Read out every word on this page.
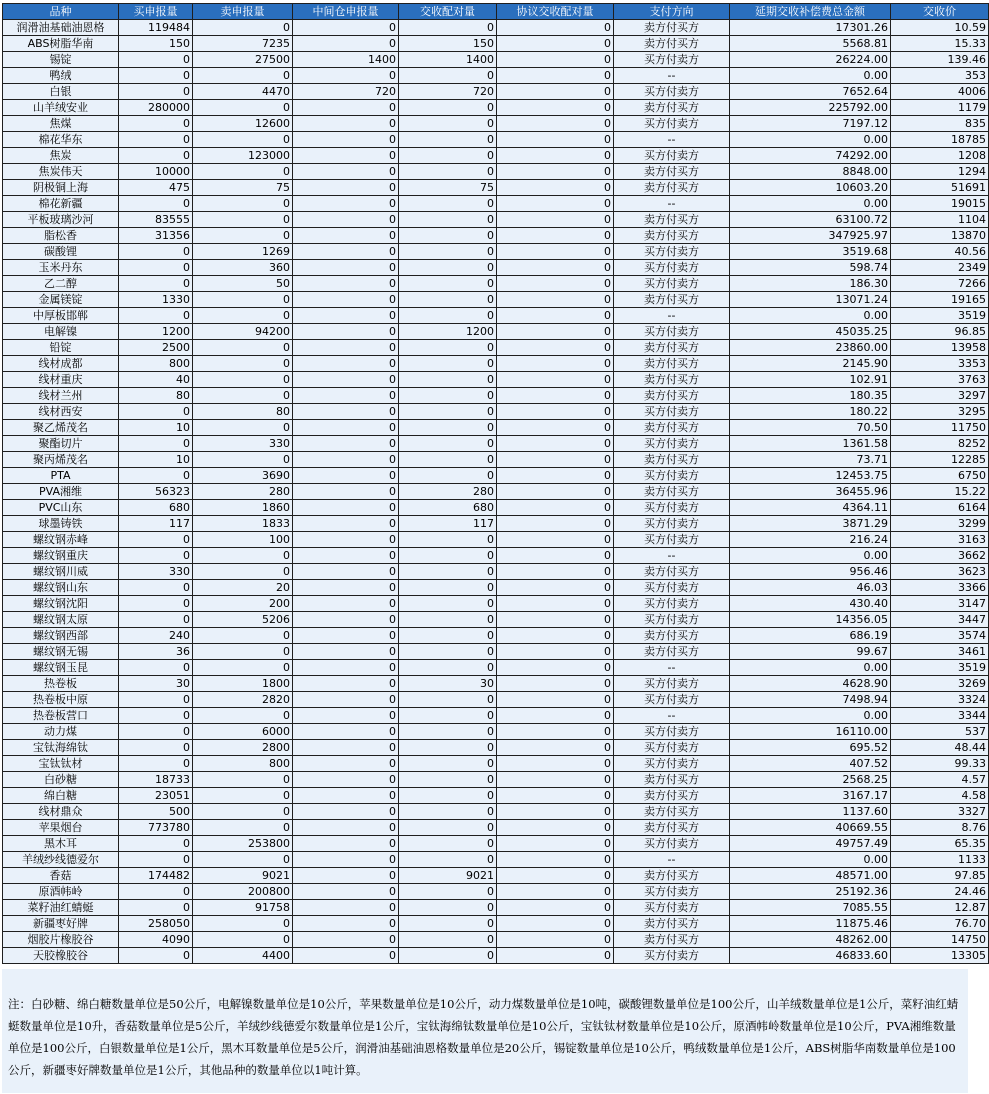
品种	买申报量	卖申报量	中间仓申报量	交收配对量	协议交收配对量	支付方向	延期交收补偿费总金额	交收价
润滑油基础油恩格	119484	0	0	0	0	卖方付买方	17301.26	10.59
ABS树脂华南	150	7235	0	150	0	卖方付买方	5568.81	15.33
锡锭	0	27500	1400	1400	0	买方付卖方	26224.00	139.46
鸭绒	0	0	0	0	0	--	0.00	353
白银	0	4470	720	720	0	买方付卖方	7652.64	4006
山羊绒安业	280000	0	0	0	0	卖方付买方	225792.00	1179
焦煤	0	12600	0	0	0	买方付卖方	7197.12	835
棉花华东	0	0	0	0	0	--	0.00	18785
焦炭	0	123000	0	0	0	买方付卖方	74292.00	1208
焦炭伟天	10000	0	0	0	0	卖方付买方	8848.00	1294
阴极铜上海	475	75	0	75	0	卖方付买方	10603.20	51691
棉花新疆	0	0	0	0	0	--	0.00	19015
平板玻璃沙河	83555	0	0	0	0	卖方付买方	63100.72	1104
脂松香	31356	0	0	0	0	卖方付买方	347925.97	13870
碳酸锂	0	1269	0	0	0	买方付卖方	3519.68	40.56
玉米丹东	0	360	0	0	0	买方付卖方	598.74	2349
乙二醇	0	50	0	0	0	买方付卖方	186.30	7266
金属镁锭	1330	0	0	0	0	卖方付买方	13071.24	19165
中厚板邯郸	0	0	0	0	0	--	0.00	3519
电解镍	1200	94200	0	1200	0	买方付卖方	45035.25	96.85
铅锭	2500	0	0	0	0	卖方付买方	23860.00	13958
线材成都	800	0	0	0	0	卖方付买方	2145.90	3353
线材重庆	40	0	0	0	0	卖方付买方	102.91	3763
线材兰州	80	0	0	0	0	卖方付买方	180.35	3297
线材西安	0	80	0	0	0	买方付卖方	180.22	3295
聚乙烯茂名	10	0	0	0	0	卖方付买方	70.50	11750
聚酯切片	0	330	0	0	0	买方付卖方	1361.58	8252
聚丙烯茂名	10	0	0	0	0	卖方付买方	73.71	12285
PTA	0	3690	0	0	0	买方付卖方	12453.75	6750
PVA湘维	56323	280	0	280	0	卖方付买方	36455.96	15.22
PVC山东	680	1860	0	680	0	买方付卖方	4364.11	6164
球墨铸铁	117	1833	0	117	0	买方付卖方	3871.29	3299
螺纹钢赤峰	0	100	0	0	0	买方付卖方	216.24	3163
螺纹钢重庆	0	0	0	0	0	--	0.00	3662
螺纹钢川威	330	0	0	0	0	卖方付买方	956.46	3623
螺纹钢山东	0	20	0	0	0	买方付卖方	46.03	3366
螺纹钢沈阳	0	200	0	0	0	买方付卖方	430.40	3147
螺纹钢太原	0	5206	0	0	0	买方付卖方	14356.05	3447
螺纹钢西部	240	0	0	0	0	卖方付买方	686.19	3574
螺纹钢无锡	36	0	0	0	0	卖方付买方	99.67	3461
螺纹钢玉昆	0	0	0	0	0	--	0.00	3519
热卷板	30	1800	0	30	0	买方付卖方	4628.90	3269
热卷板中原	0	2820	0	0	0	买方付卖方	7498.94	3324
热卷板营口	0	0	0	0	0	--	0.00	3344
动力煤	0	6000	0	0	0	买方付卖方	16110.00	537
宝钛海绵钛	0	2800	0	0	0	买方付卖方	695.52	48.44
宝钛钛材	0	800	0	0	0	买方付卖方	407.52	99.33
白砂糖	18733	0	0	0	0	卖方付买方	2568.25	4.57
绵白糖	23051	0	0	0	0	卖方付买方	3167.17	4.58
线材鼎众	500	0	0	0	0	卖方付买方	1137.60	3327
苹果烟台	773780	0	0	0	0	卖方付买方	40669.55	8.76
黑木耳	0	253800	0	0	0	买方付卖方	49757.49	65.35
羊绒纱线德爱尔	0	0	0	0	0	--	0.00	1133
香菇	174482	9021	0	9021	0	卖方付买方	48571.00	97.85
原酒帏岭	0	200800	0	0	0	买方付卖方	25192.36	24.46
菜籽油红蜻蜓	0	91758	0	0	0	买方付卖方	7085.55	12.87
新疆枣好牌	258050	0	0	0	0	卖方付买方	11875.46	76.70
烟胶片橡胶谷	4090	0	0	0	0	卖方付买方	48262.00	14750
天胶橡胶谷	0	4400	0	0	0	买方付卖方	46833.60	13305
注：白砂糖、绵白糖数量单位是50公斤，电解镍数量单位是10公斤，苹果数量单位是10公斤，动力煤数量单位是10吨，碳酸锂数量单位是100公斤，山羊绒数量单位是1公斤，菜籽油红蜻蜓数量单位是10升，香菇数量单位是5公斤，羊绒纱线德爱尔数量单位是1公斤，宝钛海绵钛数量单位是10公斤，宝钛钛材数量单位是10公斤，原酒帏岭数量单位是10公斤，PVA湘维数量单位是100公斤，白银数量单位是1公斤，黑木耳数量单位是5公斤，润滑油基础油恩格数量单位是20公斤，锡锭数量单位是10公斤，鸭绒数量单位是1公斤，ABS树脂华南数量单位是100公斤，新疆枣好牌数量单位是1公斤，其他品种的数量单位以1吨计算。
